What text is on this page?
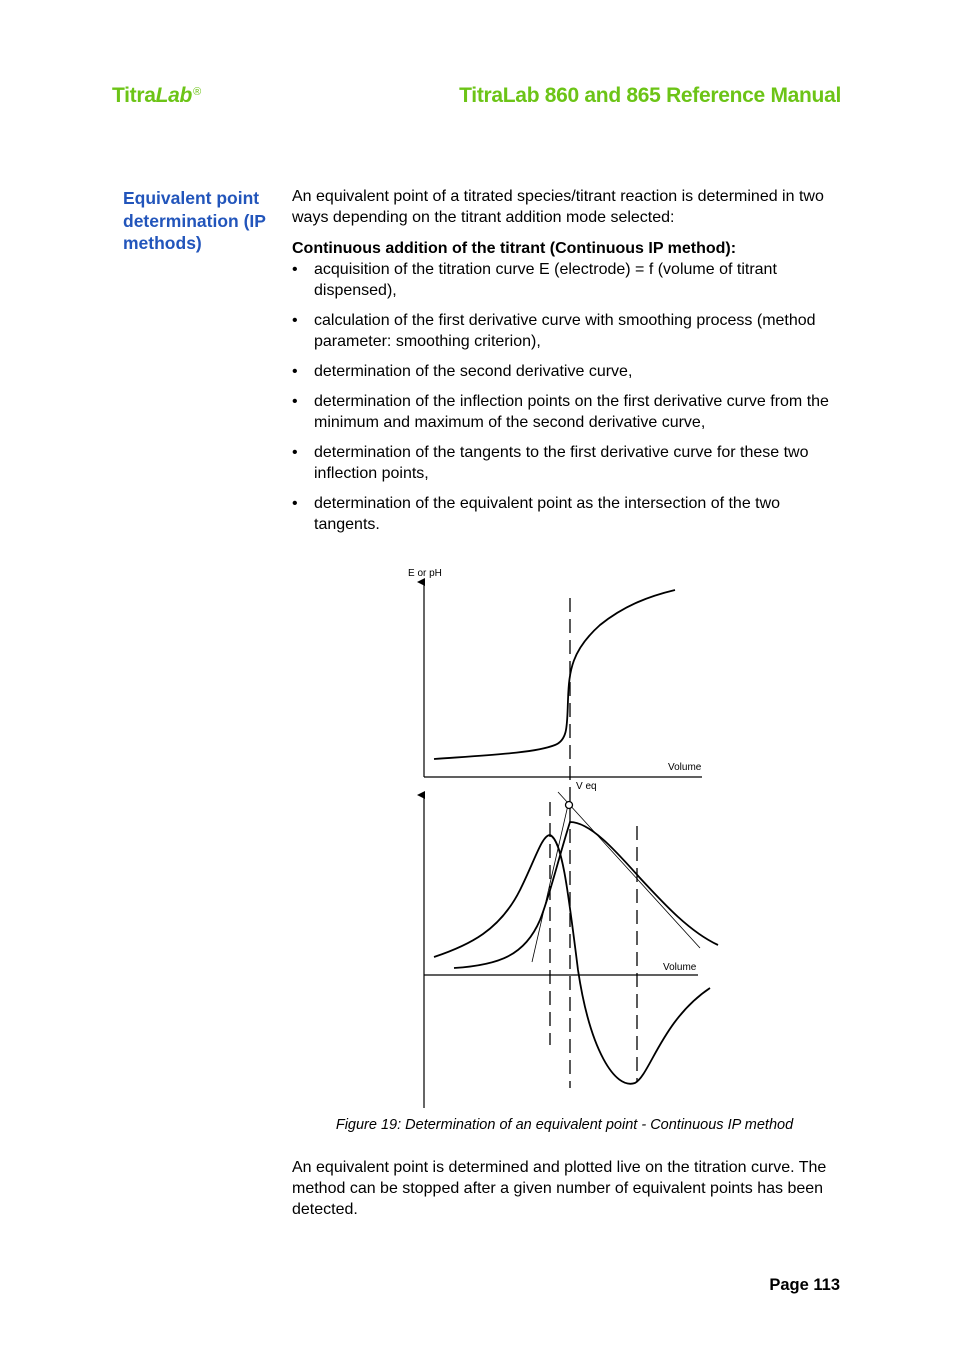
TitraLab®	TitraLab 860 and 865 Reference Manual
Equivalent point determination (IP methods)

An equivalent point of a titrated species/titrant reaction is determined in two ways depending on the titrant addition mode selected:

Continuous addition of the titrant (Continuous IP method):

• acquisition of the titration curve E (electrode) = f (volume of titrant dispensed),
• calculation of the first derivative curve with smoothing process (method parameter: smoothing criterion),
• determination of the second derivative curve,
• determination of the inflection points on the first derivative curve from the minimum and maximum of the second derivative curve,
• determination of the tangents to the first derivative curve for these two inflection points,
• determination of the equivalent point as the intersection of the two tangents.
E or pH
Volume
V eq
Volume
Figure 19: Determination of an equivalent point - Continuous IP method

An equivalent point is determined and plotted live on the titration curve. The method can be stopped after a given number of equivalent points has been detected.

Page 113
